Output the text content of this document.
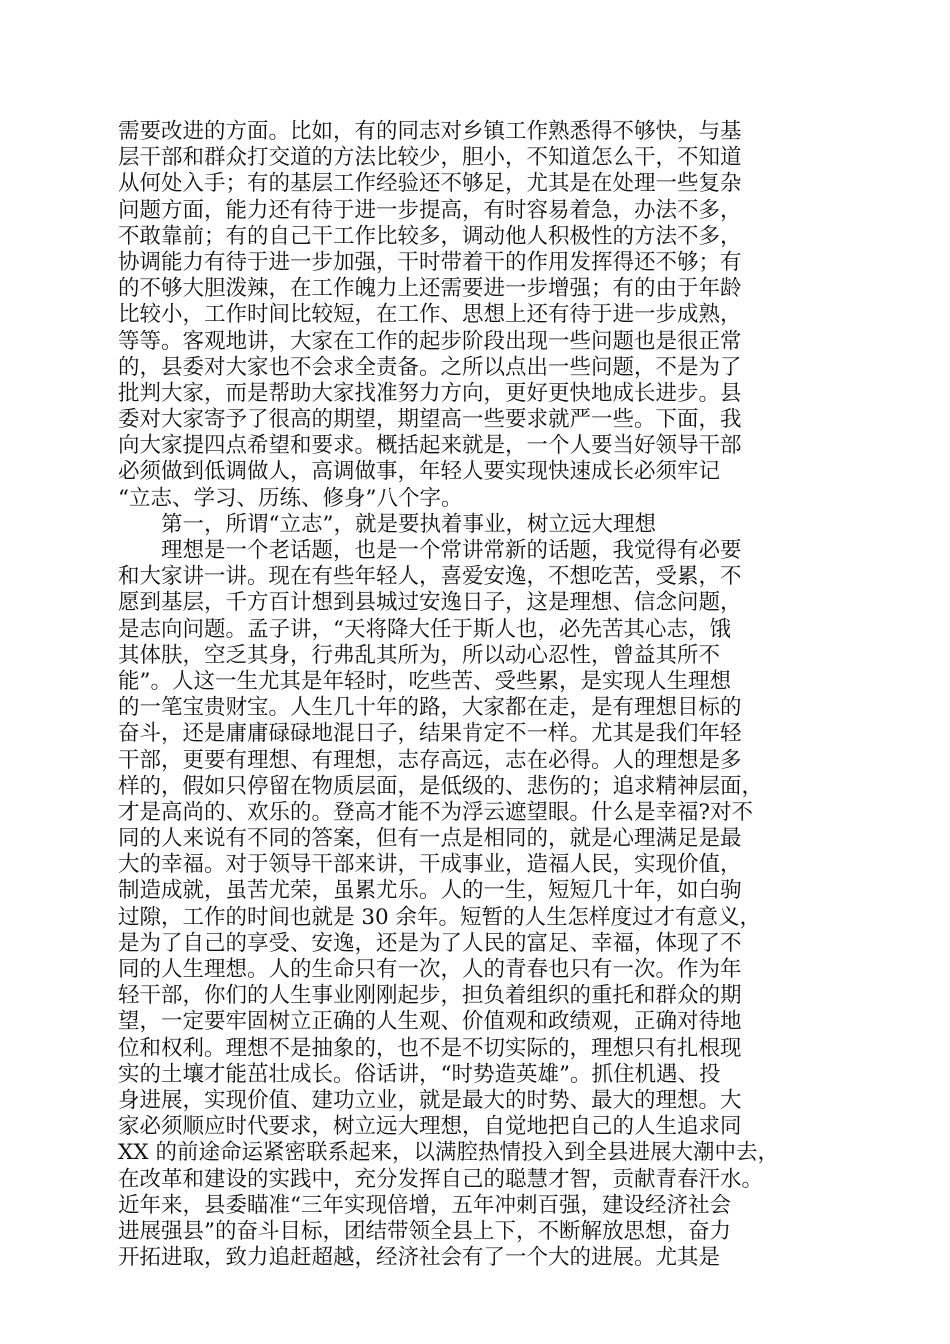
需要改进的方面。比如，有的同志对乡镇工作熟悉得不够快，与基
层干部和群众打交道的方法比较少，胆小，不知道怎么干，不知道
从何处入手；有的基层工作经验还不够足，尤其是在处理一些复杂
问题方面，能力还有待于进一步提高，有时容易着急，办法不多，
不敢靠前；有的自己干工作比较多，调动他人积极性的方法不多，
协调能力有待于进一步加强，干时带着干的作用发挥得还不够；有
的不够大胆泼辣，在工作魄力上还需要进一步增强；有的由于年龄
比较小，工作时间比较短，在工作、思想上还有待于进一步成熟，
等等。客观地讲，大家在工作的起步阶段出现一些问题也是很正常
的，县委对大家也不会求全责备。之所以点出一些问题，不是为了
批判大家，而是帮助大家找准努力方向，更好更快地成长进步。县
委对大家寄予了很高的期望，期望高一些要求就严一些。下面，我
向大家提四点希望和要求。概括起来就是，一个人要当好领导干部
必须做到低调做人，高调做事，年轻人要实现快速成长必须牢记
“立志、学习、历练、修身”八个字。
　　第一，所谓“立志”，就是要执着事业，树立远大理想
　　理想是一个老话题，也是一个常讲常新的话题，我觉得有必要
和大家讲一讲。现在有些年轻人，喜爱安逸，不想吃苦，受累，不
愿到基层，千方百计想到县城过安逸日子，这是理想、信念问题，
是志向问题。孟子讲，“天将降大任于斯人也，必先苦其心志，饿
其体肤，空乏其身，行弗乱其所为，所以动心忍性，曾益其所不
能”。人这一生尤其是年轻时，吃些苦、受些累，是实现人生理想
的一笔宝贵财宝。人生几十年的路，大家都在走，是有理想目标的
奋斗，还是庸庸碌碌地混日子，结果肯定不一样。尤其是我们年轻
干部，更要有理想、有理想，志存高远，志在必得。人的理想是多
样的，假如只停留在物质层面，是低级的、悲伤的；追求精神层面，
才是高尚的、欢乐的。登高才能不为浮云遮望眼。什么是幸福?对不
同的人来说有不同的答案，但有一点是相同的，就是心理满足是最
大的幸福。对于领导干部来讲，干成事业，造福人民，实现价值，
制造成就，虽苦尤荣，虽累尤乐。人的一生，短短几十年，如白驹
过隙，工作的时间也就是 30 余年。短暂的人生怎样度过才有意义，
是为了自己的享受、安逸，还是为了人民的富足、幸福，体现了不
同的人生理想。人的生命只有一次，人的青春也只有一次。作为年
轻干部，你们的人生事业刚刚起步，担负着组织的重托和群众的期
望，一定要牢固树立正确的人生观、价值观和政绩观，正确对待地
位和权利。理想不是抽象的，也不是不切实际的，理想只有扎根现
实的土壤才能茁壮成长。俗话讲，“时势造英雄”。抓住机遇、投
身进展，实现价值、建功立业，就是最大的时势、最大的理想。大
家必须顺应时代要求，树立远大理想，自觉地把自己的人生追求同
XX 的前途命运紧密联系起来，以满腔热情投入到全县进展大潮中去，
在改革和建设的实践中，充分发挥自己的聪慧才智，贡献青春汗水。
近年来，县委瞄准“三年实现倍增，五年冲刺百强，建设经济社会
进展强县”的奋斗目标，团结带领全县上下，不断解放思想，奋力
开拓进取，致力追赶超越，经济社会有了一个大的进展。尤其是
